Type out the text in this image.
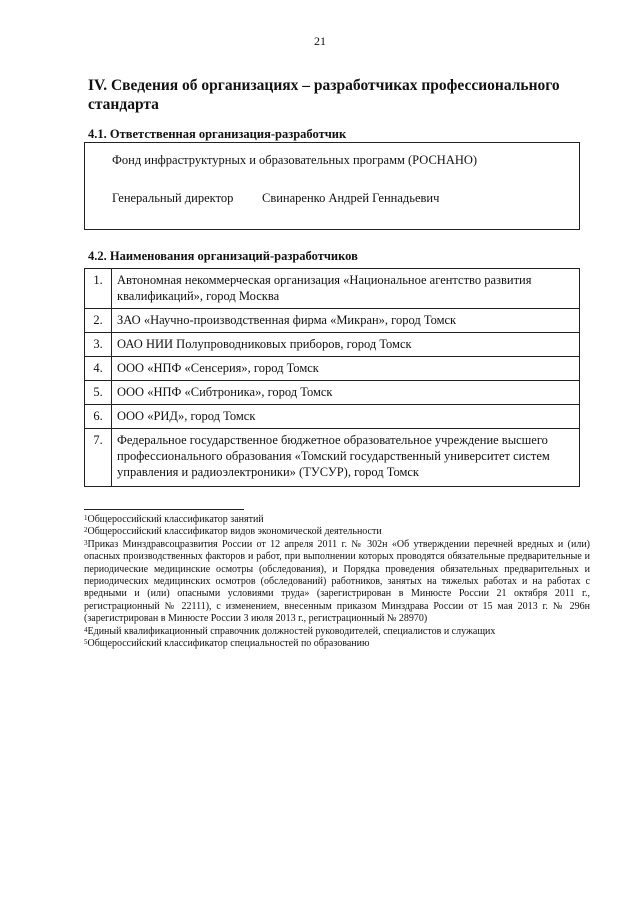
21
IV. Сведения об организациях – разработчиках профессионального стандарта
4.1. Ответственная организация-разработчик
Фонд инфраструктурных и образовательных программ (РОСНАНО)
Генеральный директор Свинаренко Андрей Геннадьевич
4.2. Наименования организаций-разработчиков
1.	Автономная некоммерческая организация «Национальное агентство развития квалификаций», город Москва
2.	ЗАО «Научно-производственная фирма «Микран», город Томск
3.	ОАО НИИ Полупроводниковых приборов, город Томск
4.	ООО «НПФ «Сенсерия», город Томск
5.	ООО «НПФ «Сибтроника», город Томск
6.	ООО «РИД», город Томск
7.	Федеральное государственное бюджетное образовательное учреждение высшего профессионального образования «Томский государственный университет систем управления и радиоэлектроники» (ТУСУР), город Томск

$^1$Общероссийский классификатор занятий

$^2$Общероссийский классификатор видов экономической деятельности

$^3$Приказ Минздравсоцразвития России от 12 апреля 2011 г. № 302н «Об утверждении перечней вредных и (или) опасных производственных факторов и работ, при выполнении которых проводятся обязательные предварительные и периодические медицинские осмотры (обследования), и Порядка проведения обязательных предварительных и периодических медицинских осмотров (обследований) работников, занятых на тяжелых работах и на работах с вредными и (или) опасными условиями труда» (зарегистрирован в Минюсте России 21 октября 2011 г., регистрационный № 22111), с изменением, внесенным приказом Минздрава России от 15 мая 2013 г. № 296н (зарегистрирован в Минюсте России 3 июля 2013 г., регистрационный № 28970)

$^4$Единый квалификационный справочник должностей руководителей, специалистов и служащих

$^5$Общероссийский классификатор специальностей по образованию
